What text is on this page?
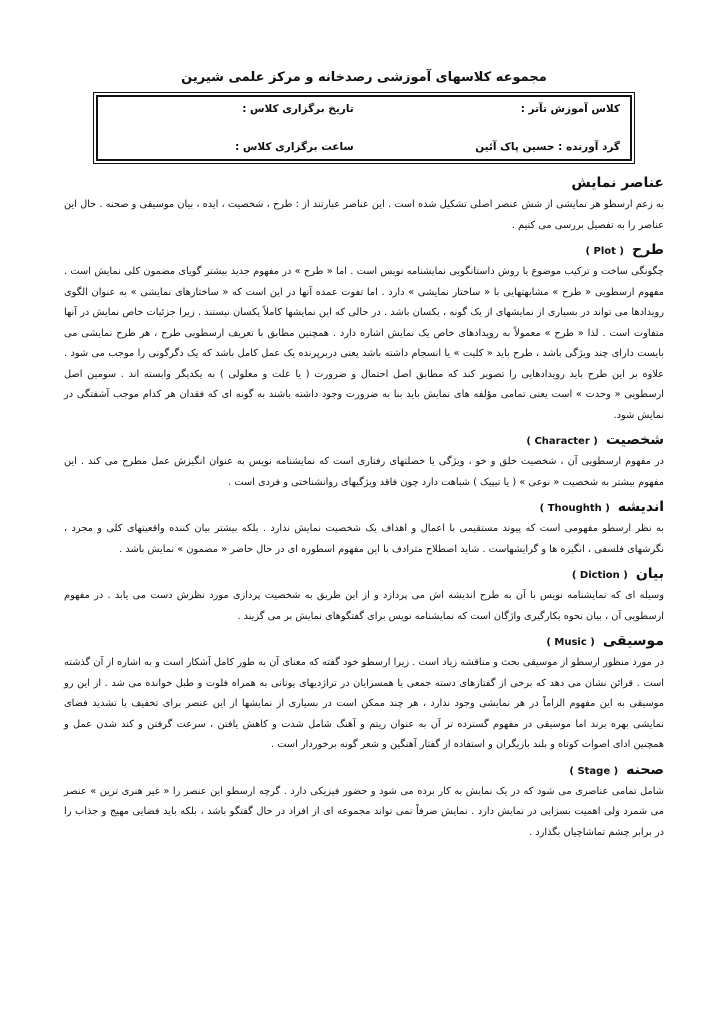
مجموعه کلاسهای آموزشی رصدخانه و مرکز علمی شیرین
کلاس آموزش تآتر :
تاریخ برگزاری کلاس :
گرد آورنده : حسین پاک آئین
ساعت برگزاری کلاس :
عناصر نمایش

به زعم ارسطو هر نمایشی از شش عنصر اصلی تشکیل شده است . این عناصر عبارتند از : طرح ، شخصیت ، ایده ، بیان موسیقی و صحنه . حال این عناصر را به تفصیل بررسی می کنیم .

طرح( Plot )

چگونگی ساخت و ترکیب موضوع یا روش داستانگویی نمایشنامه نویس است . اما « طرح » در مفهوم جدید بیشتر گویای مضمون کلی نمایش است . مفهوم ارسطویی « طرح » مشابهتهایی با « ساختار نمایشی » دارد . اما تفوت عمده آنها در این است که « ساختارهای نمایشی » به عنوان الگوی رویدادها می تواند در بسیاری از نمایشهای از یک گونه ، یکسان باشد . در حالی که این نمایشها کاملاً یکسان نیستند . زیرا جزئیات خاص نمایش در آنها متفاوت است . لذا « طرح » معمولاً به رویدادهای خاص یک نمایش اشاره دارد . همچنین مطابق با تعریف ارسطویی طرح ، هر طرح نمایشی می بایست دارای چند ویژگی باشد ، طرح باید « کلیت » یا انسجام داشته باشد یعنی دربرپرنده یک عمل کامل باشد که یک دگرگونی را موجب می شود . علاوه بر این طرح باید رویدادهایی را تصویر کند که مطابق اصل احتمال و ضرورت ( یا علت و معلولی ) به یکدیگر وابسته اند . سومین اصل ارسطویی « وحدت » است یعنی تمامی مؤلفه های نمایش باید بنا به ضرورت وجود داشته باشند به گونه ای که فقدان هر کدام موجب آشفتگی در نمایش شود.

شخصیت( Character )

در مفهوم ارسطویی آن ، شخصیت خلق و خو ، ویژگی یا خصلتهای رفتاری است که نمایشنامه نویس به عنوان انگیزش عمل مطرح می کند . این مفهوم بیشتر به شخصیت « نوعی » ( یا تیپیک ) شباهت دارد چون فاقد ویژگیهای روانشناختی و فردی است .

اندیشه( Thoughth )

به نظر ارسطو مفهومی است که پیوند مستقیمی با اعمال و اهداف یک شخصیت نمایش ندارد . بلکه بیشتر بیان کننده واقعیتهای کلی و مجرد ، نگرشهای فلسفی ، انگیزه ها و گرایشهاست . شاید اصطلاح مترادف با این مفهوم اسطوره ای در حال حاضر « مضمون » نمایش باشد .

بیان( Diction )

وسیله ای که نمایشنامه نویس با آن به طرح اندیشه اش می پردازد و از این طریق به شخصیت پردازی مورد نظرش دست می یابد . در مفهوم ارسطویی آن ، بیان نحوه بکارگیری واژگان است که نمایشنامه نویس برای گفتگوهای نمایش بر می گزیند .

موسیقی( Music )

در مورد منظور ارسطو از موسیقی بحث و مناقشه زیاد است . زیرا ارسطو خود گفته که معنای آن به طور کامل آشکار است و به اشاره از آن گذشته است . قرائن نشان می دهد که برخی از گفتارهای دسته جمعی یا همسرایان در تراژدیهای یونانی به همراه فلوت و طبل خوانده می شد . از این رو موسیقی به این مفهوم الزاماً در هر نمایشی وجود ندارد ، هر چند ممکن است در بسیاری از نمایشها از این عنصر برای تخفیف یا تشدید فضای نمایشی بهره برند اما موسیقی در مفهوم گسترده تر آن به عنوان ریتم و آهنگ شامل شدت و کاهش یافتن ، سرعت گرفتن و کند شدن عمل و همچنین ادای اصوات کوتاه و بلند بازیگران و استفاده از گفتار آهنگین و شعر گونه برخوردار است .

صحنه( Stage )

شامل تمامی عناصری می شود که در یک نمایش به کار برده می شود و حضور فیزیکی دارد . گرچه ارسطو این عنصر را « غیر هنری ترین » عنصر می شمرد ولی اهمیت بسزایی در نمایش دارد . نمایش صرفاً نمی تواند مجموعه ای از افراد در حال گفتگو باشد ، بلکه باید فضایی مهیج و جذاب را در برابر چشم تماشاچیان بگذارد .
